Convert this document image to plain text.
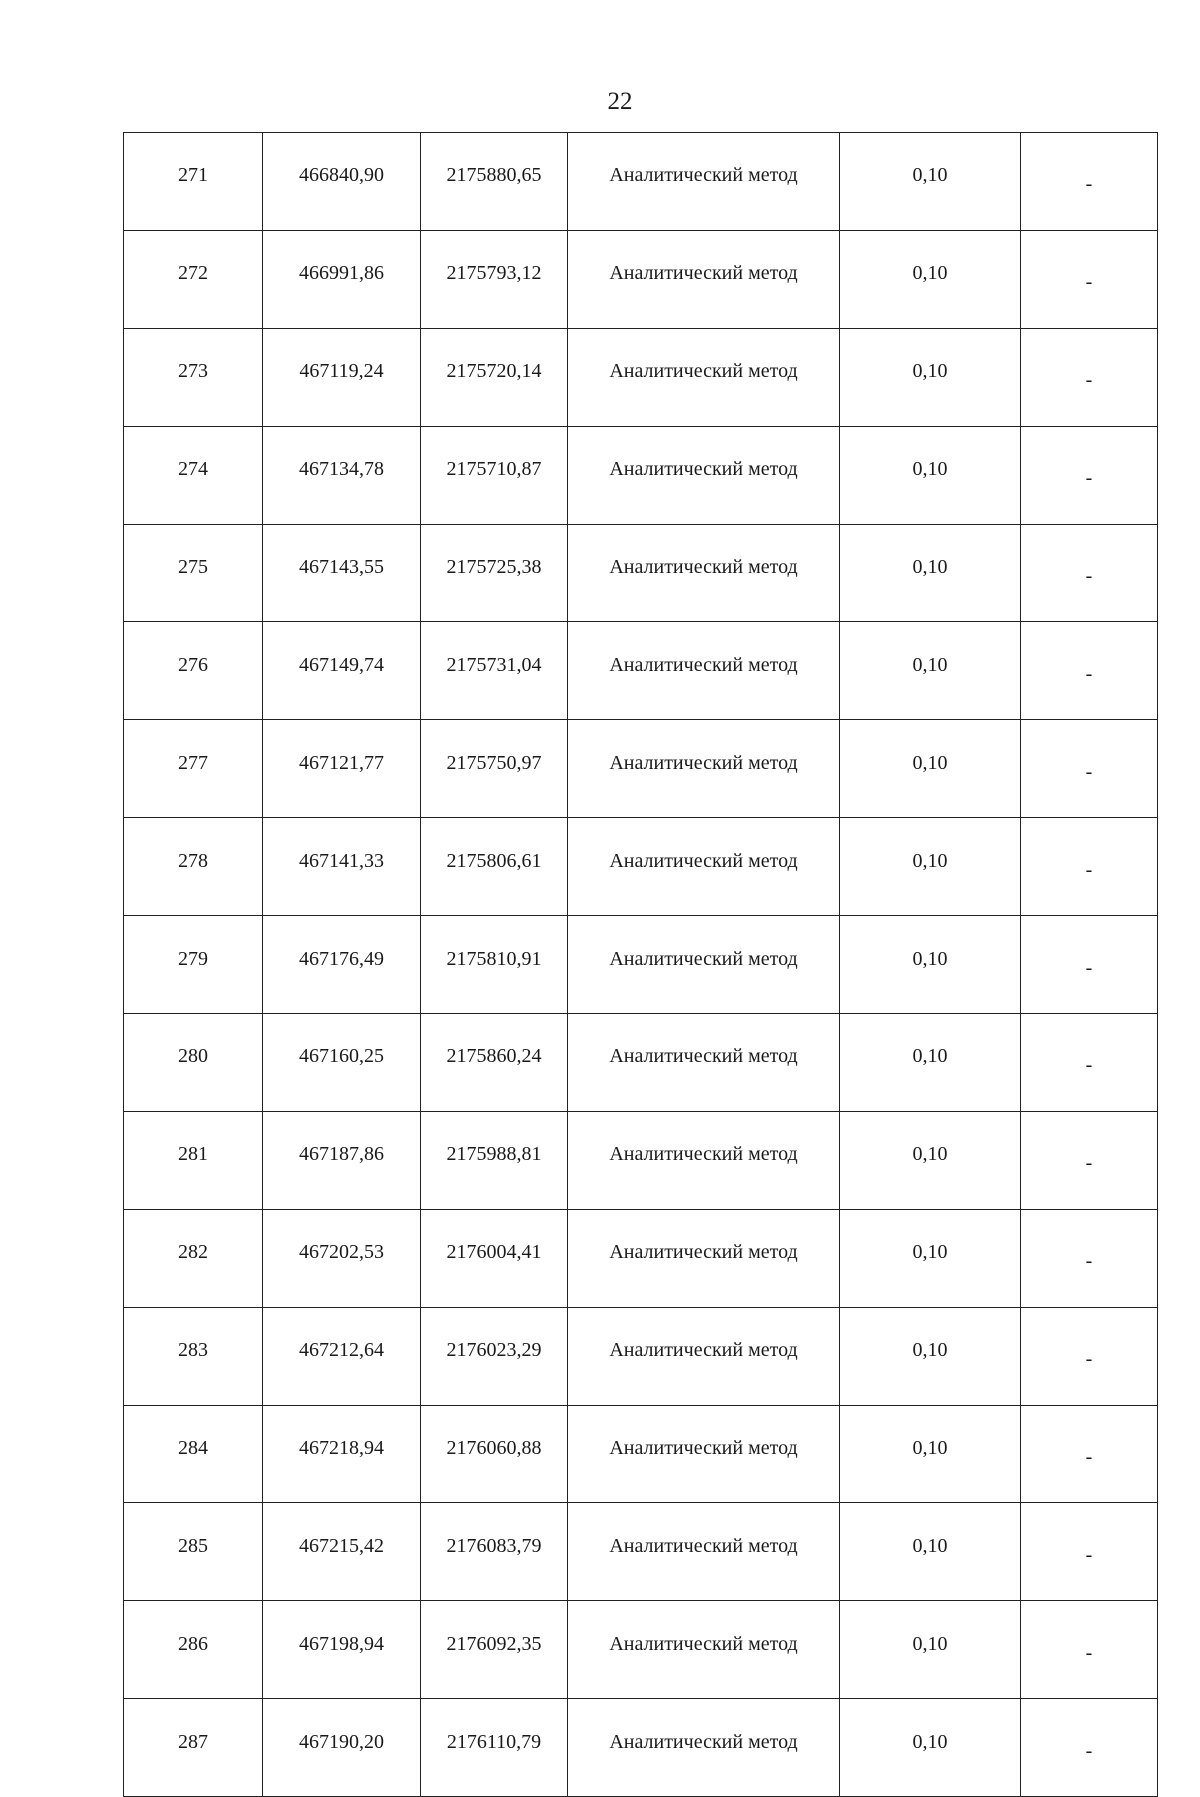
22
271	466840,90	2175880,65	Аналитический метод	0,10	-
272	466991,86	2175793,12	Аналитический метод	0,10	-
273	467119,24	2175720,14	Аналитический метод	0,10	-
274	467134,78	2175710,87	Аналитический метод	0,10	-
275	467143,55	2175725,38	Аналитический метод	0,10	-
276	467149,74	2175731,04	Аналитический метод	0,10	-
277	467121,77	2175750,97	Аналитический метод	0,10	-
278	467141,33	2175806,61	Аналитический метод	0,10	-
279	467176,49	2175810,91	Аналитический метод	0,10	-
280	467160,25	2175860,24	Аналитический метод	0,10	-
281	467187,86	2175988,81	Аналитический метод	0,10	-
282	467202,53	2176004,41	Аналитический метод	0,10	-
283	467212,64	2176023,29	Аналитический метод	0,10	-
284	467218,94	2176060,88	Аналитический метод	0,10	-
285	467215,42	2176083,79	Аналитический метод	0,10	-
286	467198,94	2176092,35	Аналитический метод	0,10	-
287	467190,20	2176110,79	Аналитический метод	0,10	-
